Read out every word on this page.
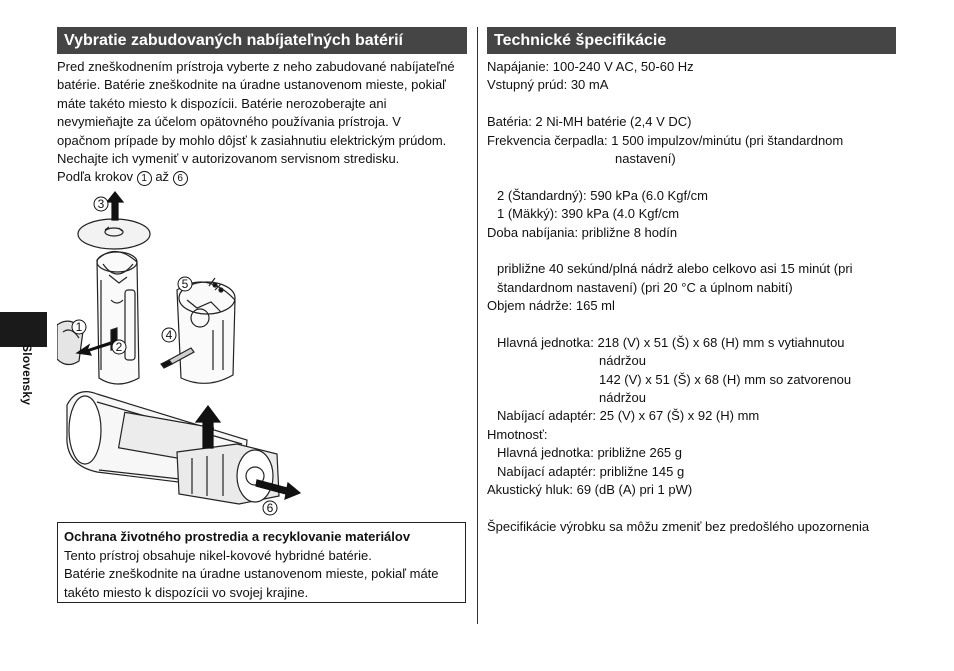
Slovensky
Vybratie zabudovaných nabíjateľných batérií

Pred zneškodnením prístroja vyberte z neho zabudované nabíjateľné

batérie. Batérie zneškodnite na úradne ustanovenom mieste, pokiaľ

máte takéto miesto k dispozícii. Batérie nerozoberajte ani

nevymieňajte za účelom opätovného používania prístroja. V

opačnom prípade by mohlo dôjsť k zasiahnutiu elektrickým prúdom.

Nechajte ich vymeniť v autorizovanom servisnom stredisku.

Podľa krokov 1 až 6

1
2
3
4
5
6
Ochrana životného prostredia a recyklovanie materiálov
Tento prístroj obsahuje nikel-kovové hybridné batérie.
Batérie zneškodnite na úradne ustanovenom mieste, pokiaľ máte
takéto miesto k dispozícii vo svojej krajine.
Technické špecifikácie
Napájanie: 100-240 V AC, 50-60 Hz
Vstupný prúd: 30 mA
Batéria: 2 Ni-MH batérie (2,4 V DC)
Frekvencia čerpadla: 1 500 impulzov/minútu (pri štandardnom
nastavení)
2 (Štandardný): 590 kPa (6.0 Kgf/cm
1 (Mäkký): 390 kPa (4.0 Kgf/cm
Doba nabíjania: približne 8 hodín
približne 40 sekúnd/plná nádrž alebo celkovo asi 15 minút (pri
štandardnom nastavení) (pri 20 °C a úplnom nabití)
Objem nádrže: 165 ml
Hlavná jednotka: 218 (V) x 51 (Š) x 68 (H) mm s vytiahnutou
nádržou
142 (V) x 51 (Š) x 68 (H) mm so zatvorenou
nádržou
Nabíjací adaptér: 25 (V) x 67 (Š) x 92 (H) mm
Hmotnosť:
Hlavná jednotka: približne 265 g
Nabíjací adaptér: približne 145 g
Akustický hluk: 69 (dB (A) pri 1 pW)
Špecifikácie výrobku sa môžu zmeniť bez predošlého upozornenia
